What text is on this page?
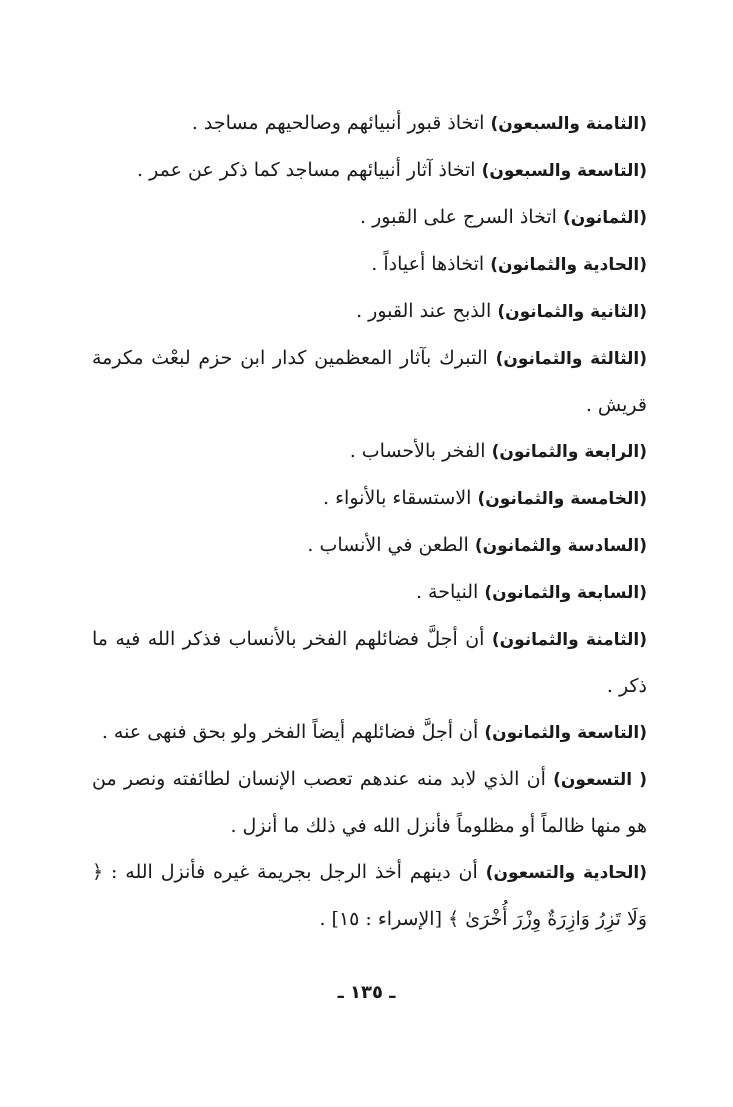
(الثامنة والسبعون) اتخاذ قبور أنبيائهم وصالحيهم مساجد .

(التاسعة والسبعون) اتخاذ آثار أنبيائهم مساجد كما ذكر عن عمر .

(الثمانون) اتخاذ السرج على القبور .

(الحادية والثمانون) اتخاذها أعياداً .

(الثانية والثمانون) الذبح عند القبور .

(الثالثة والثمانون) التبرك بآثار المعظمين كدار ابن حزم لبعْث مكرمة قريش .

(الرابعة والثمانون) الفخر بالأحساب .

(الخامسة والثمانون) الاستسقاء بالأنواء .

(السادسة والثمانون) الطعن في الأنساب .

(السابعة والثمانون) النياحة .

(الثامنة والثمانون) أن أجلَّ فضائلهم الفخر بالأنساب فذكر الله فيه ما ذكر .

(التاسعة والثمانون) أن أجلَّ فضائلهم أيضاً الفخر ولو بحق فنهى عنه .

( التسعون) أن الذي لابد منه عندهم تعصب الإنسان لطائفته ونصر من هو منها ظالماً أو مظلوماً فأنزل الله في ذلك ما أنزل .

(الحادية والتسعون) أن دينهم أخذ الرجل بجريمة غيره فأنزل الله : ﴿ وَلَا تَزِرُ وَازِرَةٌ وِزْرَ أُخْرَىٰ ﴾ [الإسراء : ١٥] .

ـ ١٣٥ ـ
